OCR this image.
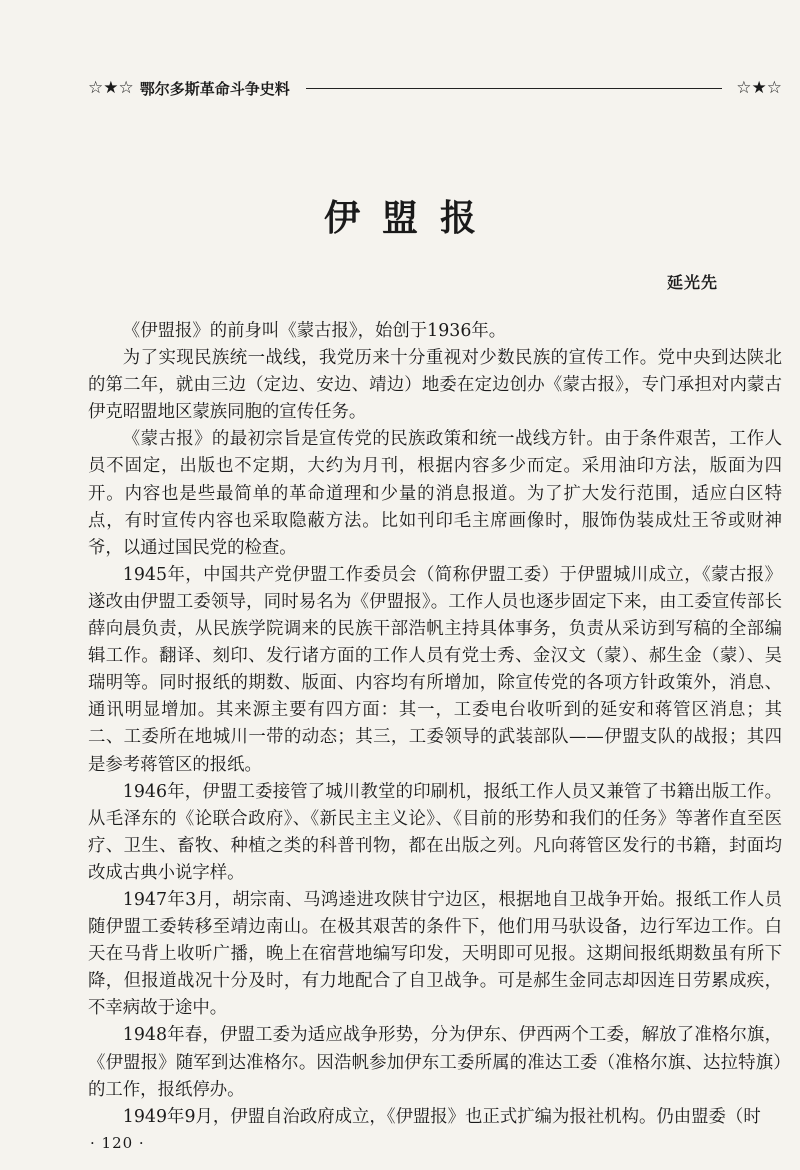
☆★☆ 鄂尔多斯革命斗争史料	☆★☆
伊盟报
延光先

《伊盟报》的前身叫《蒙古报》，始创于1936年。

为了实现民族统一战线，我党历来十分重视对少数民族的宣传工作。党中央到达陕北的第二年，就由三边（定边、安边、靖边）地委在定边创办《蒙古报》，专门承担对内蒙古伊克昭盟地区蒙族同胞的宣传任务。

《蒙古报》的最初宗旨是宣传党的民族政策和统一战线方针。由于条件艰苦，工作人员不固定，出版也不定期，大约为月刊，根据内容多少而定。采用油印方法，版面为四开。内容也是些最简单的革命道理和少量的消息报道。为了扩大发行范围，适应白区特点，有时宣传内容也采取隐蔽方法。比如刊印毛主席画像时，服饰伪装成灶王爷或财神爷，以通过国民党的检查。

1945年，中国共产党伊盟工作委员会（简称伊盟工委）于伊盟城川成立，《蒙古报》遂改由伊盟工委领导，同时易名为《伊盟报》。工作人员也逐步固定下来，由工委宣传部长薛向晨负责，从民族学院调来的民族干部浩帆主持具体事务，负责从采访到写稿的全部编辑工作。翻译、刻印、发行诸方面的工作人员有党士秀、金汉文（蒙）、郝生金（蒙）、吴瑞明等。同时报纸的期数、版面、内容均有所增加，除宣传党的各项方针政策外，消息、通讯明显增加。其来源主要有四方面：其一，工委电台收听到的延安和蒋管区消息；其二、工委所在地城川一带的动态；其三，工委领导的武装部队——伊盟支队的战报；其四是参考蒋管区的报纸。

1946年，伊盟工委接管了城川教堂的印刷机，报纸工作人员又兼管了书籍出版工作。从毛泽东的《论联合政府》、《新民主主义论》、《目前的形势和我们的任务》等著作直至医疗、卫生、畜牧、种植之类的科普刊物，都在出版之列。凡向蒋管区发行的书籍，封面均改成古典小说字样。

1947年3月，胡宗南、马鸿逵进攻陕甘宁边区，根据地自卫战争开始。报纸工作人员随伊盟工委转移至靖边南山。在极其艰苦的条件下，他们用马驮设备，边行军边工作。白天在马背上收听广播，晚上在宿营地编写印发，天明即可见报。这期间报纸期数虽有所下降，但报道战况十分及时，有力地配合了自卫战争。可是郝生金同志却因连日劳累成疾，不幸病故于途中。

1948年春，伊盟工委为适应战争形势，分为伊东、伊西两个工委，解放了准格尔旗，《伊盟报》随军到达准格尔。因浩帆参加伊东工委所属的准达工委（准格尔旗、达拉特旗）的工作，报纸停办。

1949年9月，伊盟自治政府成立，《伊盟报》也正式扩编为报社机构。仍由盟委（时

· 120 ·
